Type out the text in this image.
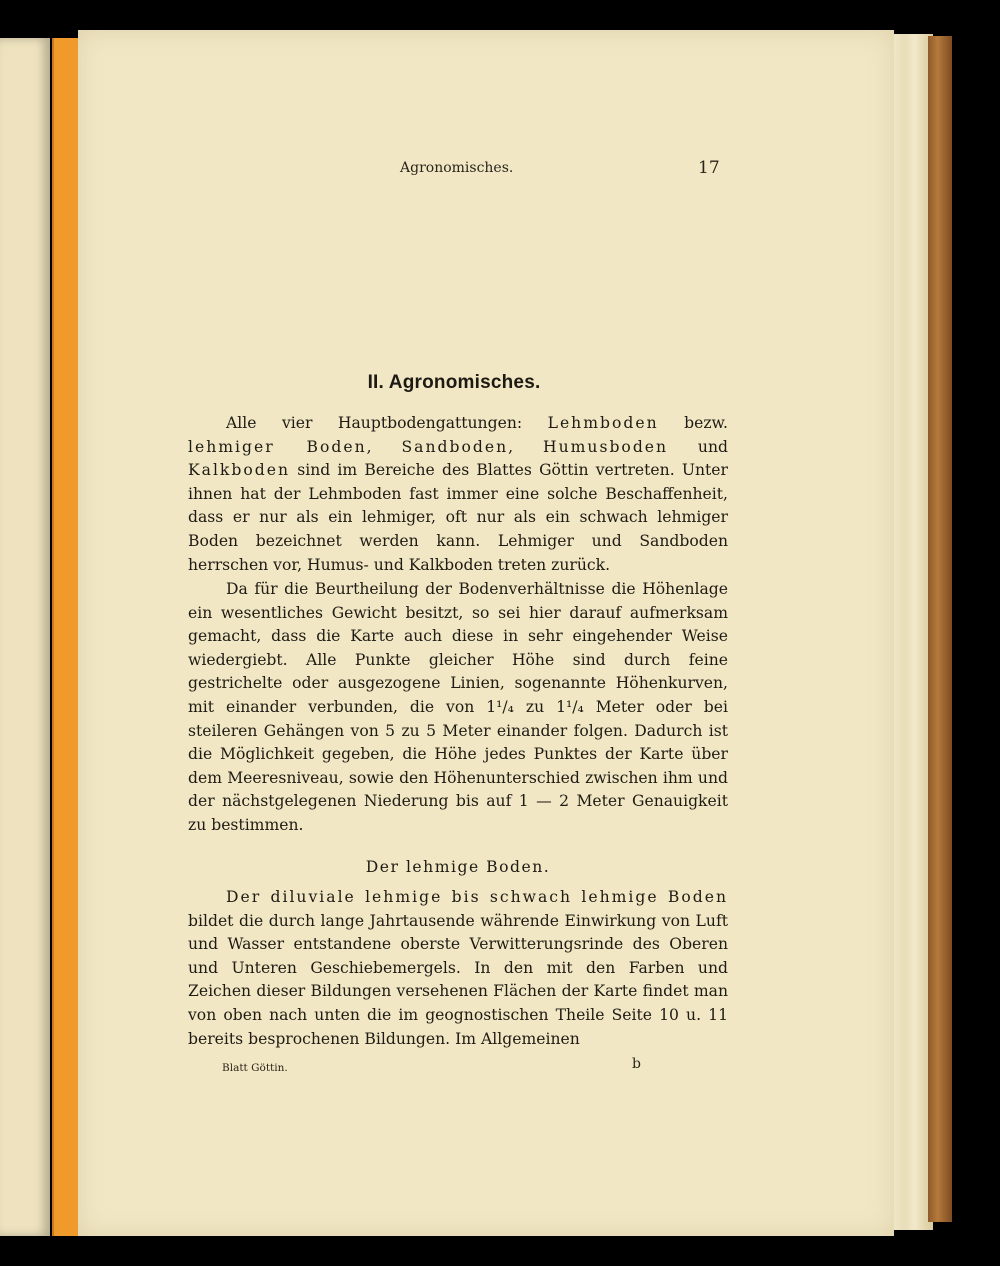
Agronomisches.	17
II. Agronomisches.

Alle vier Hauptbodengattungen: Lehmboden bezw. lehmiger Boden, Sandboden, Humusboden und Kalkboden sind im Bereiche des Blattes Göttin vertreten. Unter ihnen hat der Lehmboden fast immer eine solche Beschaffenheit, dass er nur als ein lehmiger, oft nur als ein schwach lehmiger Boden bezeichnet werden kann. Lehmiger und Sandboden herrschen vor, Humus- und Kalkboden treten zurück.

Da für die Beurtheilung der Bodenverhältnisse die Höhenlage ein wesentliches Gewicht besitzt, so sei hier darauf aufmerksam gemacht, dass die Karte auch diese in sehr eingehender Weise wiedergiebt. Alle Punkte gleicher Höhe sind durch feine gestrichelte oder ausgezogene Linien, sogenannte Höhenkurven, mit einander verbunden, die von 1¹/₄ zu 1¹/₄ Meter oder bei steileren Gehängen von 5 zu 5 Meter einander folgen. Dadurch ist die Möglichkeit gegeben, die Höhe jedes Punktes der Karte über dem Meeresniveau, sowie den Höhenunterschied zwischen ihm und der nächstgelegenen Niederung bis auf 1 — 2 Meter Genauigkeit zu bestimmen.

Der lehmige Boden.

Der diluviale lehmige bis schwach lehmige Boden bildet die durch lange Jahrtausende währende Einwirkung von Luft und Wasser entstandene oberste Verwitterungsrinde des Oberen und Unteren Geschiebemergels. In den mit den Farben und Zeichen dieser Bildungen versehenen Flächen der Karte findet man von oben nach unten die im geognostischen Theile Seite 10 u. 11 bereits besprochenen Bildungen. Im Allgemeinen

Blatt Göttin.	b
